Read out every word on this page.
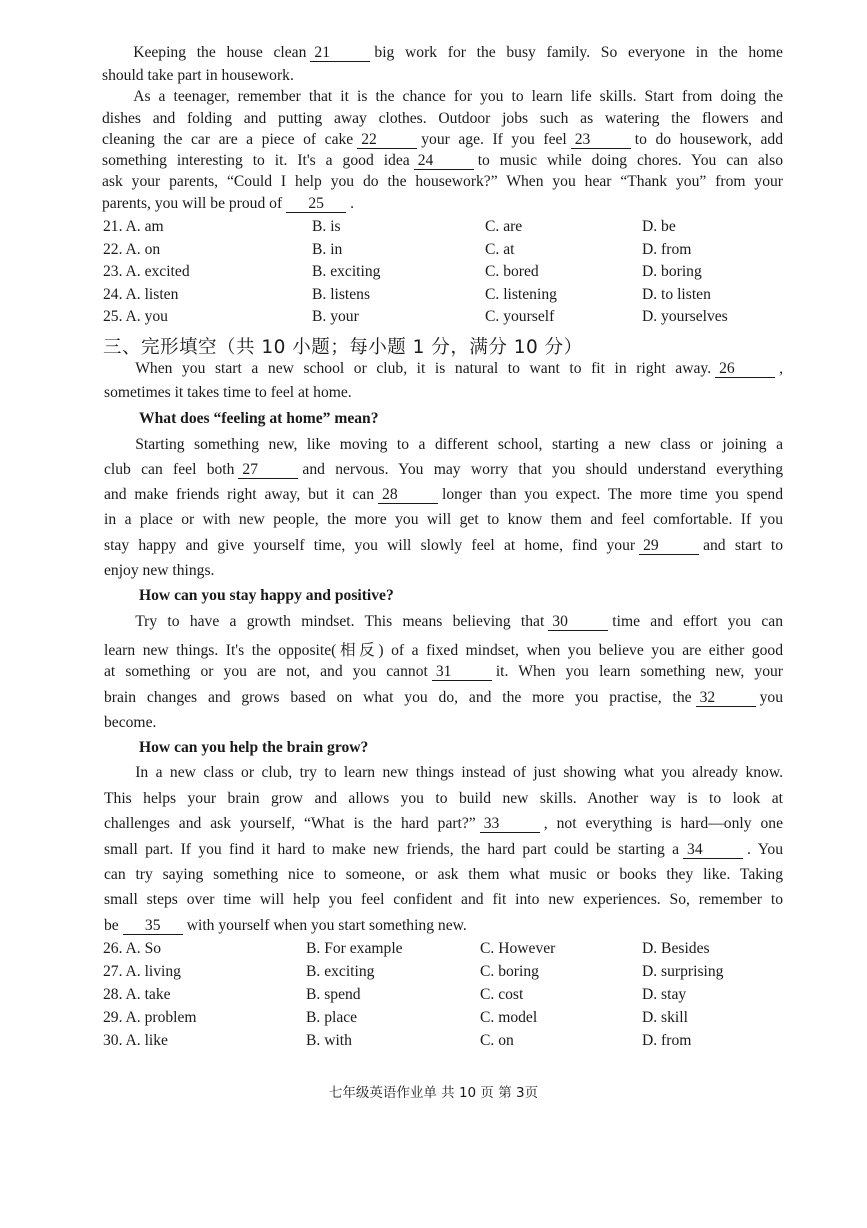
  Keeping the house clean 21	big work for the busy family. So everyone in the home
should take part in housework.
  As a teenager, remember that it is the chance for you to learn life skills. Start from doing the
dishes and folding and putting away clothes. Outdoor jobs such as watering the flowers and
cleaning the car are a piece of cake 22	your age. If you feel 23	to do housework, add
something interesting to it. It's a good idea 24	to music while doing chores. You can also
ask your parents, “Could I help you do the housework?” When you hear “Thank you” from your
parents, you will be proud of 25 .
21. A. am	B. is	C. are	D. be
22. A. on	B. in	C. at	D. from
23. A. excited	B. exciting	C. bored	D. boring
24. A. listen	B. listens	C. listening	D. to listen
25. A. you	B. your	C. yourself	D. yourselves
三、完形填空（共 10 小题；每小题 1 分，满分 10 分）
  When you start a new school or club, it is natural to want to fit in right away. 26	,
sometimes it takes time to feel at home.
What does “feeling at home” mean?
  Starting something new, like moving to a different school, starting a new class or joining a
club can feel both 27	and nervous. You may worry that you should understand everything
and make friends right away, but it can 28	longer than you expect. The more time you spend
in a place or with new people, the more you will get to know them and feel comfortable. If you
stay happy and give yourself time, you will slowly feel at home, find your 29	and start to
enjoy new things.
How can you stay happy and positive?
  Try to have a growth mindset. This means believing that 30	time and effort you can
learn new things. It's the opposite(相反) of a fixed mindset, when you believe you are either good
at something or you are not, and you cannot 31	it. When you learn something new, your
brain changes and grows based on what you do, and the more you practise, the 32	you
become.
How can you help the brain grow?
  In a new class or club, try to learn new things instead of just showing what you already know.
This helps your brain grow and allows you to build new skills. Another way is to look at
challenges and ask yourself, “What is the hard part?” 33	, not everything is hard—only one
small part. If you find it hard to make new friends, the hard part could be starting a 34	. You
can try saying something nice to someone, or ask them what music or books they like. Taking
small steps over time will help you feel confident and fit into new experiences. So, remember to
be 35 with yourself when you start something new.
26. A. So	B. For example	C. However	D. Besides
27. A. living	B. exciting	C. boring	D. surprising
28. A. take	B. spend	C. cost	D. stay
29. A. problem	B. place	C. model	D. skill
30. A. like	B. with	C. on	D. from
七年级英语作业单 共 10 页 第 3页
